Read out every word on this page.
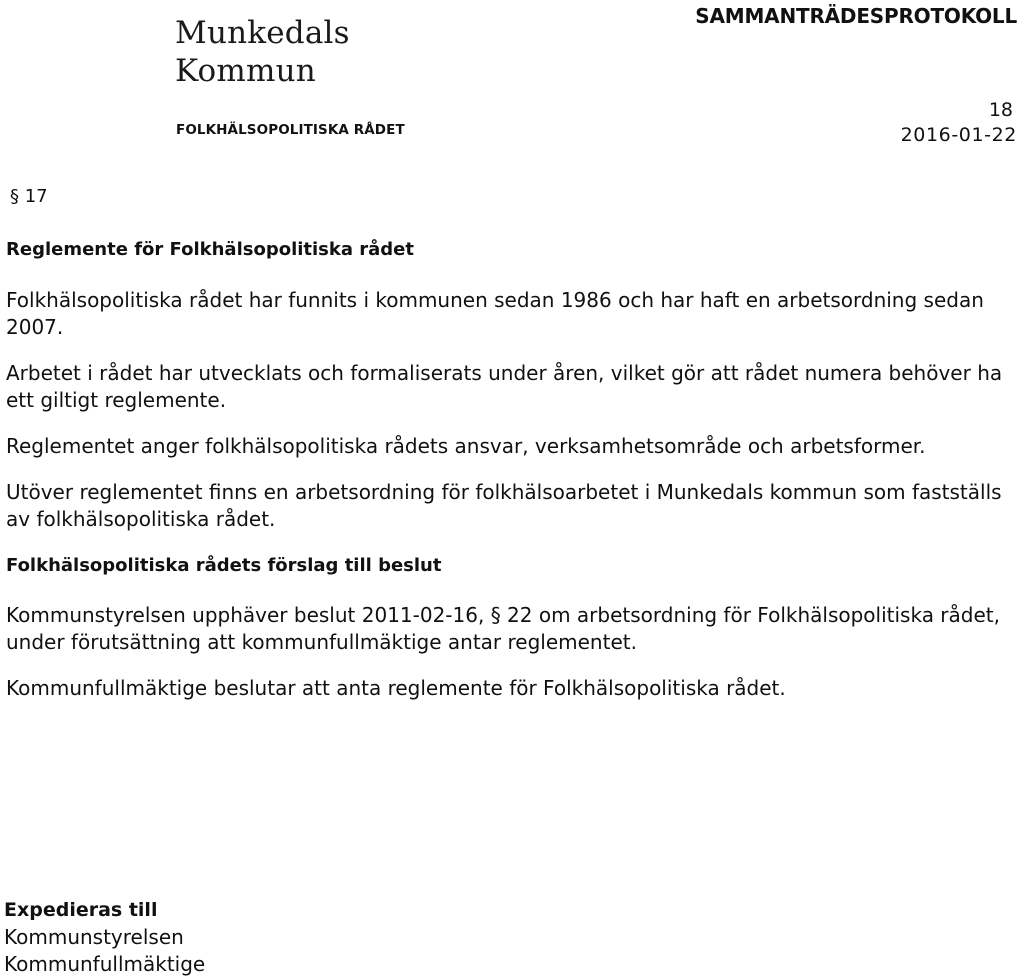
Munkedals
Kommun
SAMMANTRÄDESPROTOKOLL
FOLKHÄLSOPOLITISKA RÅDET
18
2016-01-22
§ 17
Reglemente för Folkhälsopolitiska rådet

Folkhälsopolitiska rådet har funnits i kommunen sedan 1986 och har haft en arbetsordning sedan 2007.

Arbetet i rådet har utvecklats och formaliserats under åren, vilket gör att rådet numera behöver ha ett giltigt reglemente.

Reglementet anger folkhälsopolitiska rådets ansvar, verksamhetsområde och arbetsformer.

Utöver reglementet finns en arbetsordning för folkhälsoarbetet i Munkedals kommun som fastställs av folkhälsopolitiska rådet.

Folkhälsopolitiska rådets förslag till beslut

Kommunstyrelsen upphäver beslut 2011-02-16, § 22 om arbetsordning för Folkhälsopolitiska rådet, under förutsättning att kommunfullmäktige antar reglementet.

Kommunfullmäktige beslutar att anta reglemente för Folkhälsopolitiska rådet.

Expedieras till
Kommunstyrelsen
Kommunfullmäktige
